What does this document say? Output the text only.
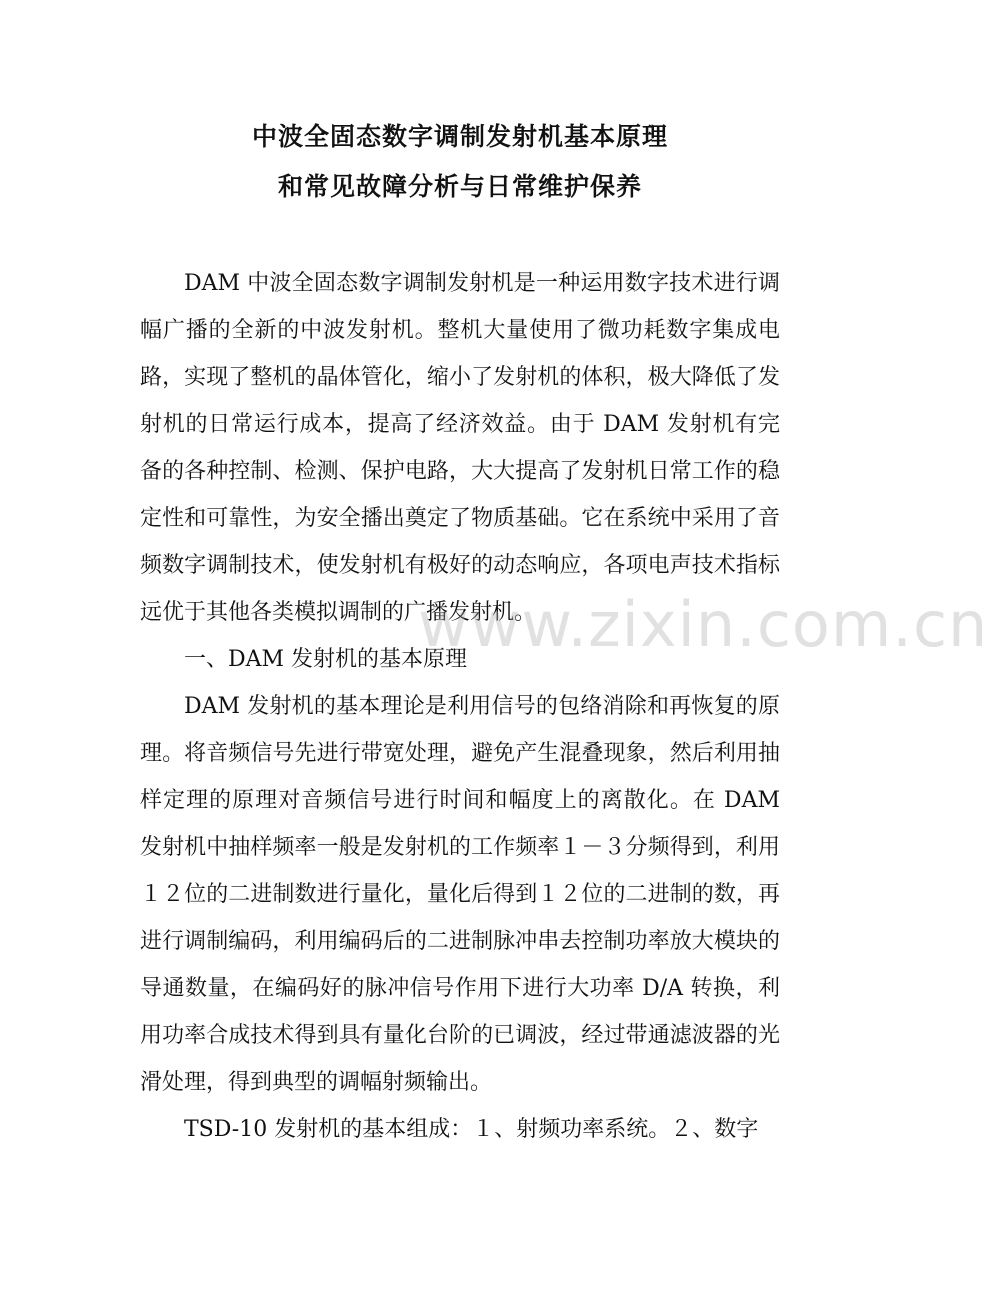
中波全固态数字调制发射机基本原理
和常见故障分析与日常维护保养

DAM 中波全固态数字调制发射机是一种运用数字技术进行调幅广播的全新的中波发射机。整机大量使用了微功耗数字集成电路，实现了整机的晶体管化，缩小了发射机的体积，极大降低了发射机的日常运行成本，提高了经济效益。由于 DAM 发射机有完备的各种控制、检测、保护电路，大大提高了发射机日常工作的稳定性和可靠性，为安全播出奠定了物质基础。它在系统中采用了音频数字调制技术，使发射机有极好的动态响应，各项电声技术指标远优于其他各类模拟调制的广播发射机。

一、DAM 发射机的基本原理

DAM 发射机的基本理论是利用信号的包络消除和再恢复的原理。将音频信号先进行带宽处理，避免产生混叠现象，然后利用抽样定理的原理对音频信号进行时间和幅度上的离散化。在 DAM 发射机中抽样频率一般是发射机的工作频率１－３分频得到，利用１２位的二进制数进行量化，量化后得到１２位的二进制的数，再进行调制编码，利用编码后的二进制脉冲串去控制功率放大模块的导通数量，在编码好的脉冲信号作用下进行大功率 D/A 转换，利用功率合成技术得到具有量化台阶的已调波，经过带通滤波器的光滑处理，得到典型的调幅射频输出。

TSD-10 发射机的基本组成：１、射频功率系统。２、数字

www.zixin.com.cn
